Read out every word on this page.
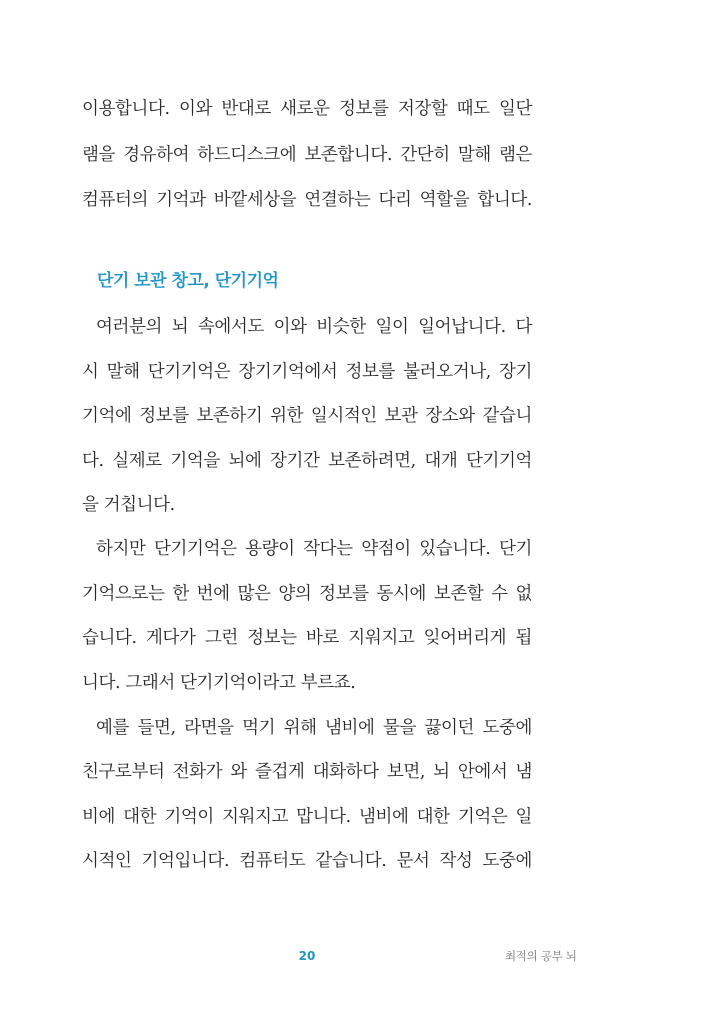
이용합니다. 이와 반대로 새로운 정보를 저장할 때도 일단
램을 경유하여 하드디스크에 보존합니다. 간단히 말해 램은
컴퓨터의 기억과 바깥세상을 연결하는 다리 역할을 합니다.
단기 보관 창고, 단기기억
여러분의 뇌 속에서도 이와 비슷한 일이 일어납니다. 다
시 말해 단기기억은 장기기억에서 정보를 불러오거나, 장기
기억에 정보를 보존하기 위한 일시적인 보관 장소와 같습니
다. 실제로 기억을 뇌에 장기간 보존하려면, 대개 단기기억
을 거칩니다.
하지만 단기기억은 용량이 작다는 약점이 있습니다. 단기
기억으로는 한 번에 많은 양의 정보를 동시에 보존할 수 없
습니다. 게다가 그런 정보는 바로 지워지고 잊어버리게 됩
니다. 그래서 단기기억이라고 부르죠.
예를 들면, 라면을 먹기 위해 냄비에 물을 끓이던 도중에
친구로부터 전화가 와 즐겁게 대화하다 보면, 뇌 안에서 냄
비에 대한 기억이 지워지고 맙니다. 냄비에 대한 기억은 일
시적인 기억입니다. 컴퓨터도 같습니다. 문서 작성 도중에
20	최적의 공부 뇌
